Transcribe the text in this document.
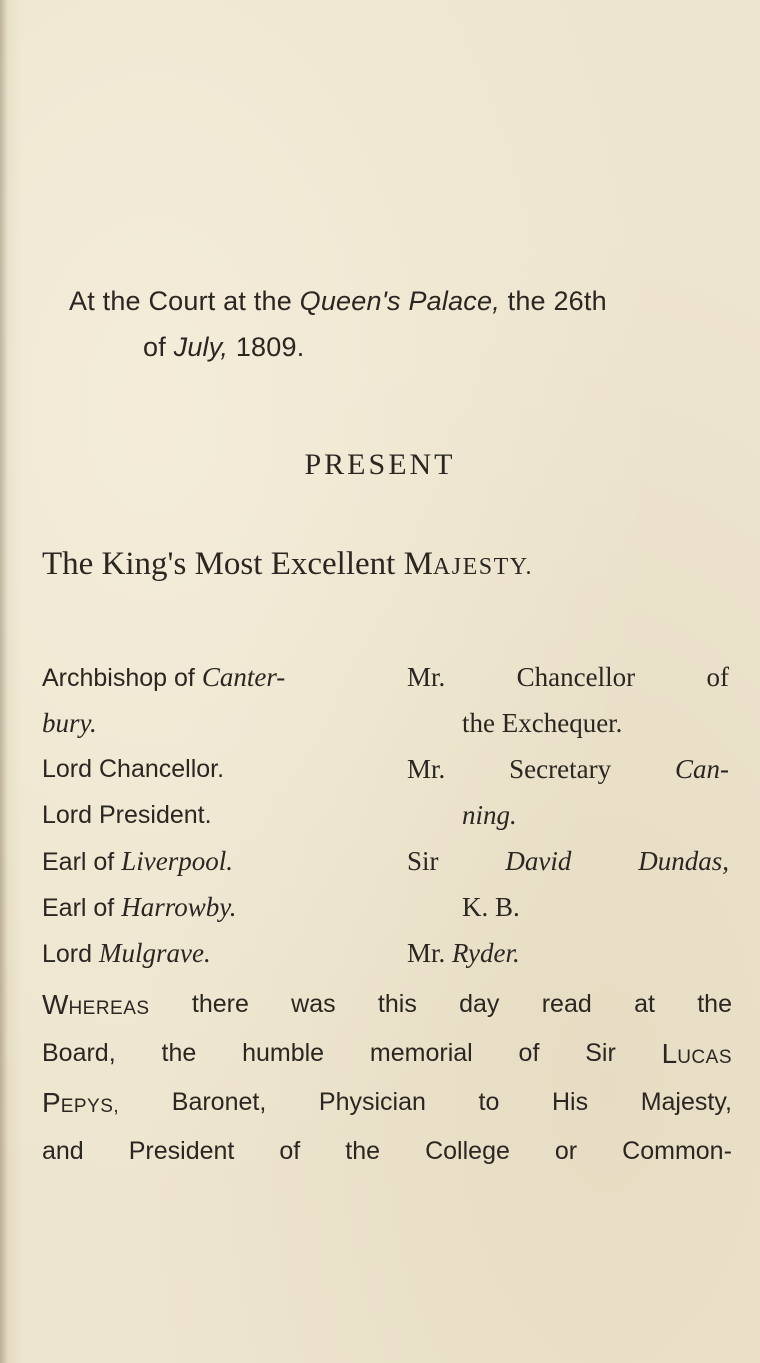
At the Court at the Queen's Palace, the 26th
of July, 1809.
PRESENT
The King's Most Excellent MAJESTY.
Archbishop of Canter-
bury.
Lord Chancellor.
Lord President.
Earl of Liverpool.
Earl of Harrowby.
Lord Mulgrave.
Mr.	Chancellor	of
the Exchequer.
Mr. Secretary Can-
ning.
Sir David Dundas,
K. B.
Mr. Ryder.
WHEREAS there was this day read at the
Board, the humble memorial of Sir LUCAS
PEPYS, Baronet, Physician to His Majesty,
and President of the College or Common-
